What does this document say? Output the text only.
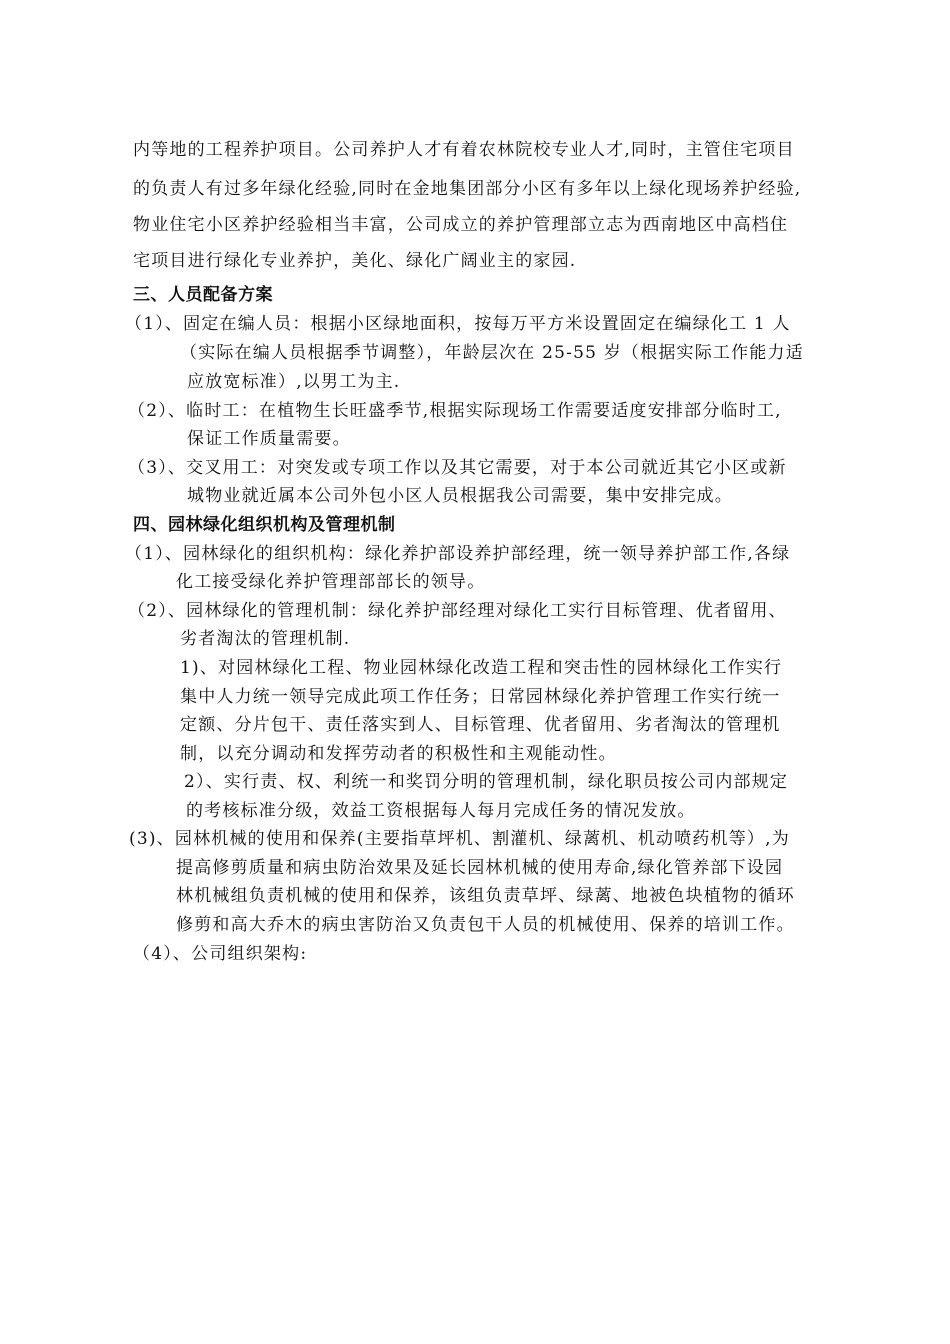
内等地的工程养护项目。公司养护人才有着农林院校专业人才,同时，主管住宅项目
的负责人有过多年绿化经验,同时在金地集团部分小区有多年以上绿化现场养护经验,
物业住宅小区养护经验相当丰富，公司成立的养护管理部立志为西南地区中高档住
宅项目进行绿化专业养护，美化、绿化广阔业主的家园.
三、人员配备方案
（1）、固定在编人员：根据小区绿地面积，按每万平方米设置固定在编绿化工 1 人
（实际在编人员根据季节调整），年龄层次在 25-55 岁（根据实际工作能力适
应放宽标准）,以男工为主.
（2）、临时工：在植物生长旺盛季节,根据实际现场工作需要适度安排部分临时工,
保证工作质量需要。
（3）、交叉用工：对突发或专项工作以及其它需要，对于本公司就近其它小区或新
城物业就近属本公司外包小区人员根据我公司需要，集中安排完成。
四、园林绿化组织机构及管理机制
（1）、园林绿化的组织机构：绿化养护部设养护部经理，统一领导养护部工作,各绿
化工接受绿化养护管理部部长的领导。
（2）、园林绿化的管理机制：绿化养护部经理对绿化工实行目标管理、优者留用、
劣者淘汰的管理机制.
1)、对园林绿化工程、物业园林绿化改造工程和突击性的园林绿化工作实行
集中人力统一领导完成此项工作任务；日常园林绿化养护管理工作实行统一
定额、分片包干、责任落实到人、目标管理、优者留用、劣者淘汰的管理机
制，以充分调动和发挥劳动者的积极性和主观能动性。
2）、实行责、权、利统一和奖罚分明的管理机制，绿化职员按公司内部规定
的考核标准分级，效益工资根据每人每月完成任务的情况发放。
(3)、园林机械的使用和保养(主要指草坪机、割灌机、绿蓠机、机动喷药机等）,为
提高修剪质量和病虫防治效果及延长园林机械的使用寿命,绿化管养部下设园
林机械组负责机械的使用和保养，该组负责草坪、绿蓠、地被色块植物的循环
修剪和高大乔木的病虫害防治又负责包干人员的机械使用、保养的培训工作。
（4）、公司组织架构:
